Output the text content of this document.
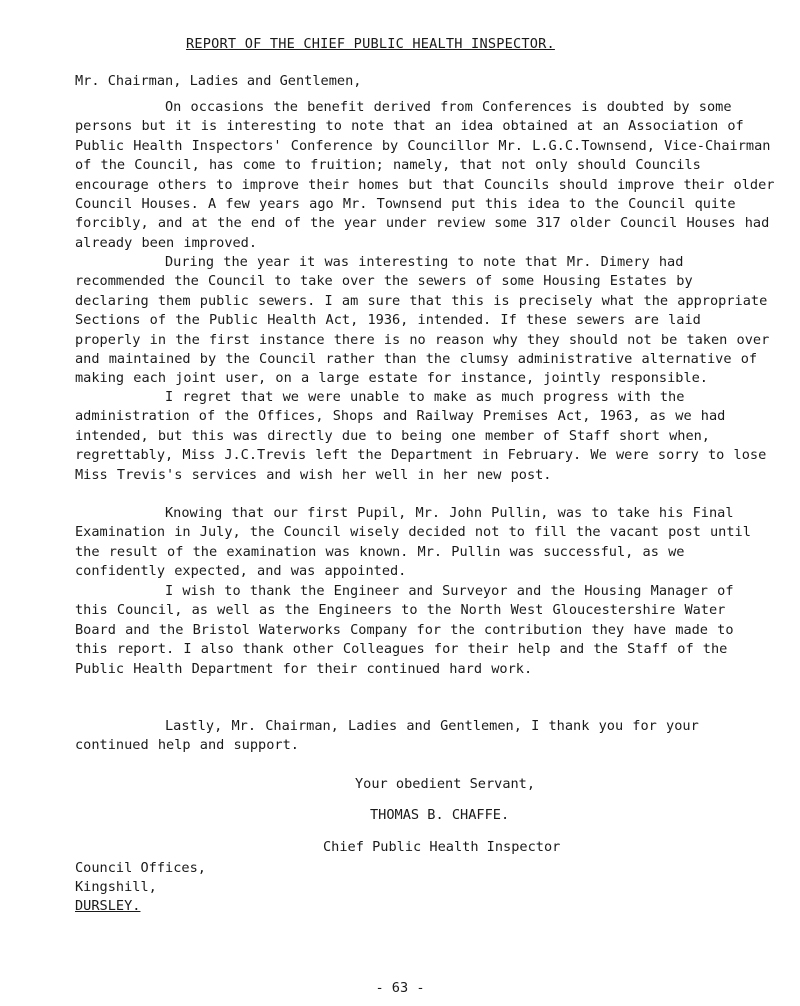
REPORT OF THE CHIEF PUBLIC HEALTH INSPECTOR.
Mr. Chairman, Ladies and Gentlemen,
On occasions the benefit derived from Conferences is doubted by some persons but it is interesting to note that an idea obtained at an Association of Public Health Inspectors' Conference by Councillor Mr. L.G.C.Townsend, Vice-Chairman of the Council, has come to fruition; namely, that not only should Councils encourage others to improve their homes but that Councils should improve their older Council Houses. A few years ago Mr. Townsend put this idea to the Council quite forcibly, and at the end of the year under review some 317 older Council Houses had already been improved.
During the year it was interesting to note that Mr. Dimery had recommended the Council to take over the sewers of some Housing Estates by declaring them public sewers. I am sure that this is precisely what the appropriate Sections of the Public Health Act, 1936, intended. If these sewers are laid properly in the first instance there is no reason why they should not be taken over and maintained by the Council rather than the clumsy administrative alternative of making each joint user, on a large estate for instance, jointly responsible.
I regret that we were unable to make as much progress with the administration of the Offices, Shops and Railway Premises Act, 1963, as we had intended, but this was directly due to being one member of Staff short when, regrettably, Miss J.C.Trevis left the Department in February. We were sorry to lose Miss Trevis's services and wish her well in her new post.
Knowing that our first Pupil, Mr. John Pullin, was to take his Final Examination in July, the Council wisely decided not to fill the vacant post until the result of the examination was known. Mr. Pullin was successful, as we confidently expected, and was appointed.
I wish to thank the Engineer and Surveyor and the Housing Manager of this Council, as well as the Engineers to the North West Gloucestershire Water Board and the Bristol Waterworks Company for the contribution they have made to this report. I also thank other Colleagues for their help and the Staff of the Public Health Department for their continued hard work.
Lastly, Mr. Chairman, Ladies and Gentlemen, I thank you for your continued help and support.
Your obedient Servant,
THOMAS B. CHAFFE.
Chief Public Health Inspector
Council Offices,
Kingshill,
DURSLEY.
- 63 -
